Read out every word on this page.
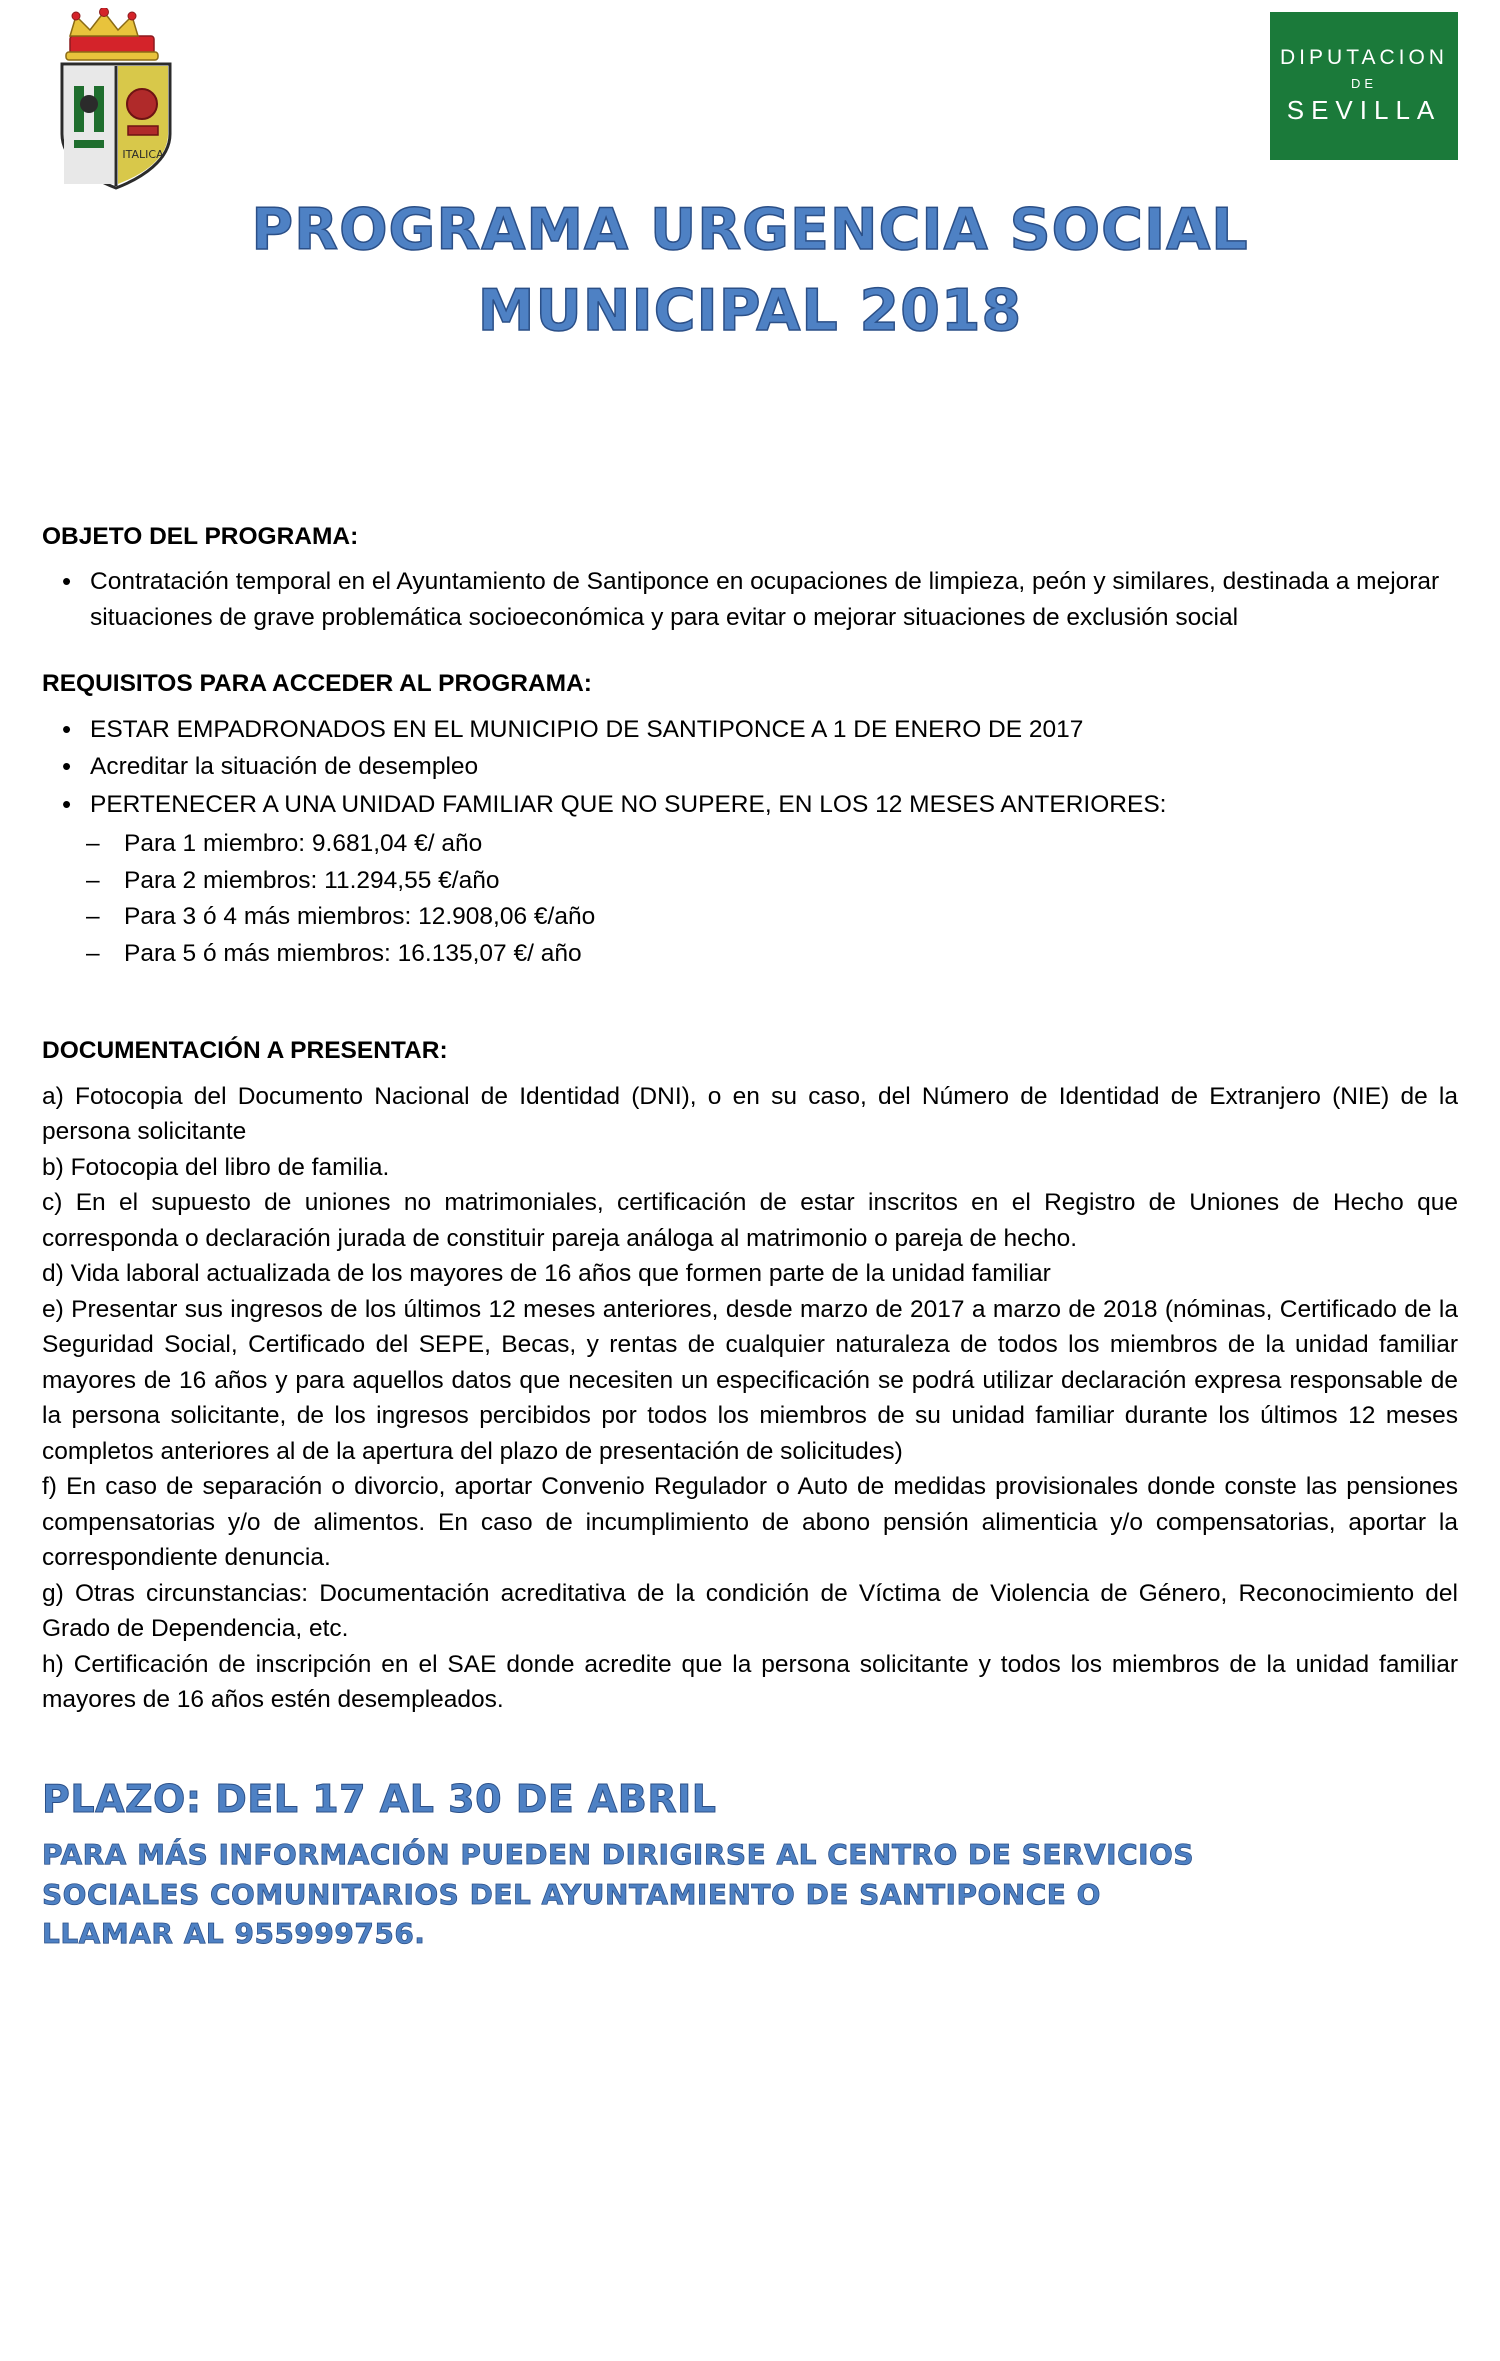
ITALICA
DIPUTACION
DE
SEVILLA
PROGRAMA URGENCIA SOCIAL
MUNICIPAL 2018
OBJETO DEL PROGRAMA:
• Contratación temporal en el Ayuntamiento de Santiponce en ocupaciones de limpieza, peón y similares, destinada a mejorar situaciones de grave problemática socioeconómica y para evitar o mejorar situaciones de exclusión social
REQUISITOS PARA ACCEDER AL PROGRAMA:
• ESTAR EMPADRONADOS EN EL MUNICIPIO DE SANTIPONCE A 1 DE ENERO DE 2017
• Acreditar la situación de desempleo
• PERTENECER A UNA UNIDAD FAMILIAR QUE NO SUPERE, EN LOS 12 MESES ANTERIORES:
– Para 1 miembro: 9.681,04 €/ año
– Para 2 miembros: 11.294,55 €/año
– Para 3 ó 4 más miembros: 12.908,06 €/año
– Para 5 ó más miembros: 16.135,07 €/ año
DOCUMENTACIÓN A PRESENTAR:

a) Fotocopia del Documento Nacional de Identidad (DNI), o en su caso, del Número de Identidad de Extranjero (NIE) de la persona solicitante

b) Fotocopia del libro de familia.

c) En el supuesto de uniones no matrimoniales, certificación de estar inscritos en el Registro de Uniones de Hecho que corresponda o declaración jurada de constituir pareja análoga al matrimonio o pareja de hecho.

d) Vida laboral actualizada de los mayores de 16 años que formen parte de la unidad familiar

e) Presentar sus ingresos de los últimos 12 meses anteriores, desde marzo de 2017 a marzo de 2018 (nóminas, Certificado de la Seguridad Social, Certificado del SEPE, Becas, y rentas de cualquier naturaleza de todos los miembros de la unidad familiar mayores de 16 años y para aquellos datos que necesiten un especificación se podrá utilizar declaración expresa responsable de la persona solicitante, de los ingresos percibidos por todos los miembros de su unidad familiar durante los últimos 12 meses completos anteriores al de la apertura del plazo de presentación de solicitudes)

f) En caso de separación o divorcio, aportar Convenio Regulador o Auto de medidas provisionales donde conste las pensiones compensatorias y/o de alimentos. En caso de incumplimiento de abono pensión alimenticia y/o compensatorias, aportar la correspondiente denuncia.

g) Otras circunstancias: Documentación acreditativa de la condición de Víctima de Violencia de Género, Reconocimiento del Grado de Dependencia, etc.

h) Certificación de inscripción en el SAE donde acredite que la persona solicitante y todos los miembros de la unidad familiar mayores de 16 años estén desempleados.

PLAZO: DEL 17 AL 30 DE ABRIL
PARA MÁS INFORMACIÓN PUEDEN DIRIGIRSE AL CENTRO DE SERVICIOS
SOCIALES COMUNITARIOS DEL AYUNTAMIENTO DE SANTIPONCE O
LLAMAR AL 955999756.
